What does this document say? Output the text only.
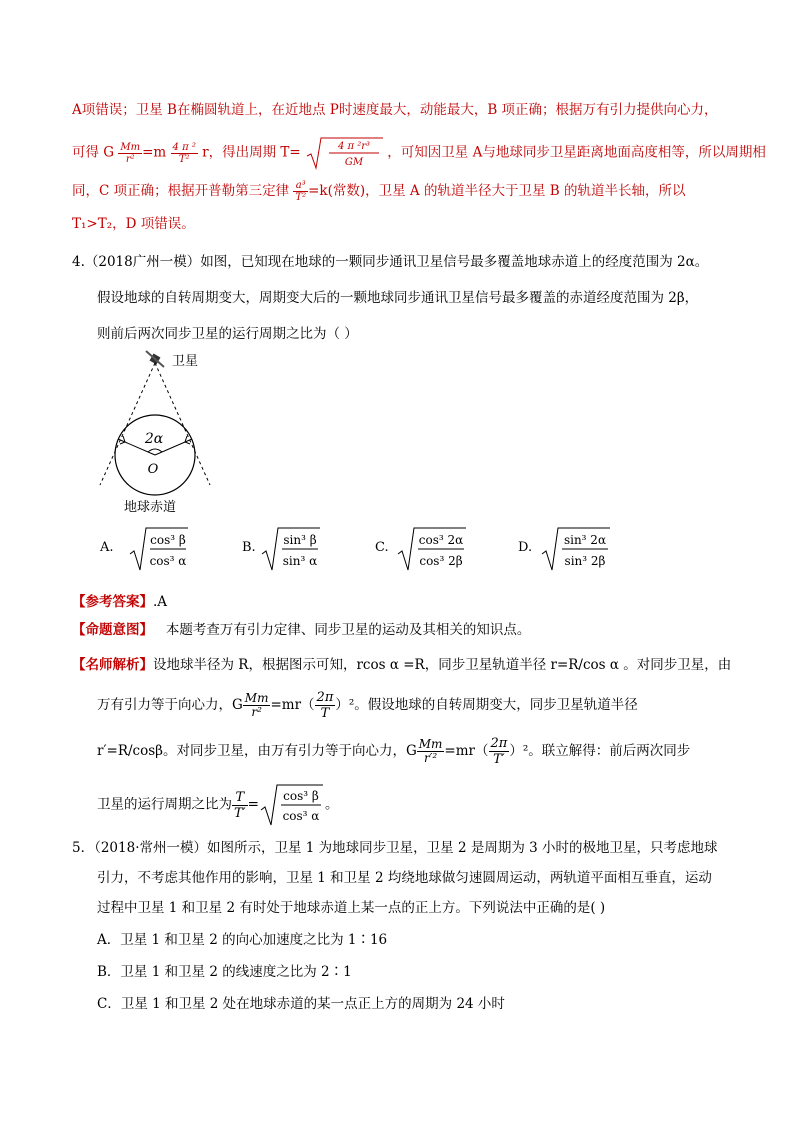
A项错误；卫星 B在椭圆轨道上，在近地点 P时速度最大，动能最大，B 项正确；根据万有引力提供向心力，
可得 G $\frac{Mm}{\text{r²}} =m \frac{\text{4 π ²}}{\text{T²}}$ r，得出周期 T=	4 π ²r³
GM
，可知因卫星 A与地球同步卫星距离地面高度相等，所以周期相
同，C 项正确；根据开普勒第三定律 $\frac{\text{a³}}{\text{T²}} =k$(常数)，卫星 A 的轨道半径大于卫星 B 的轨道半长轴，所以
T₁>T₂，D 项错误。
4.（2018广州一模）如图，已知现在地球的一颗同步通讯卫星信号最多覆盖地球赤道上的经度范围为 2α。
假设地球的自转周期变大，周期变大后的一颗地球同步通讯卫星信号最多覆盖的赤道经度范围为 2β，
则前后两次同步卫星的运行周期之比为（ ）
2α
O
卫星
地球赤道
A.	cos³ β
cos³ α
B. sin³ β
sin³ α
C.	cos³ 2α
cos³ 2β
D.	sin³ 2α
sin³ 2β
【参考答案】.A
【命题意图】 本题考查万有引力定律、同步卫星的运动及其相关的知识点。
【名师解析】设地球半径为 R，根据图示可知，rcos α =R，同步卫星轨道半径 r=R/cos α 。对同步卫星，由
万有引力等于向心力，G $\frac{Mm}{\text{r²}} =mr( \frac{2\pi}{T} )^2$。假设地球的自转周期变大，同步卫星轨道半径
r′=R/cosβ。对同步卫星，由万有引力等于向心力，G $\frac{Mm}{\text{r′²}} =mr( \frac{2\pi}{T'} )^2$。联立解得：前后两次同步
卫星的运行周期之比为 $\frac{T}{T'}$ =
cos³ β
cos³ α
。
5．（2018·常州一模）如图所示，卫星 1 为地球同步卫星，卫星 2 是周期为 3 小时的极地卫星，只考虑地球
引力，不考虑其他作用的影响，卫星 1 和卫星 2 均绕地球做匀速圆周运动，两轨道平面相互垂直，运动
过程中卫星 1 和卫星 2 有时处于地球赤道上某一点的正上方。下列说法中正确的是( )
A．卫星 1 和卫星 2 的向心加速度之比为 1∶16
B．卫星 1 和卫星 2 的线速度之比为 2∶1
C．卫星 1 和卫星 2 处在地球赤道的某一点正上方的周期为 24 小时
